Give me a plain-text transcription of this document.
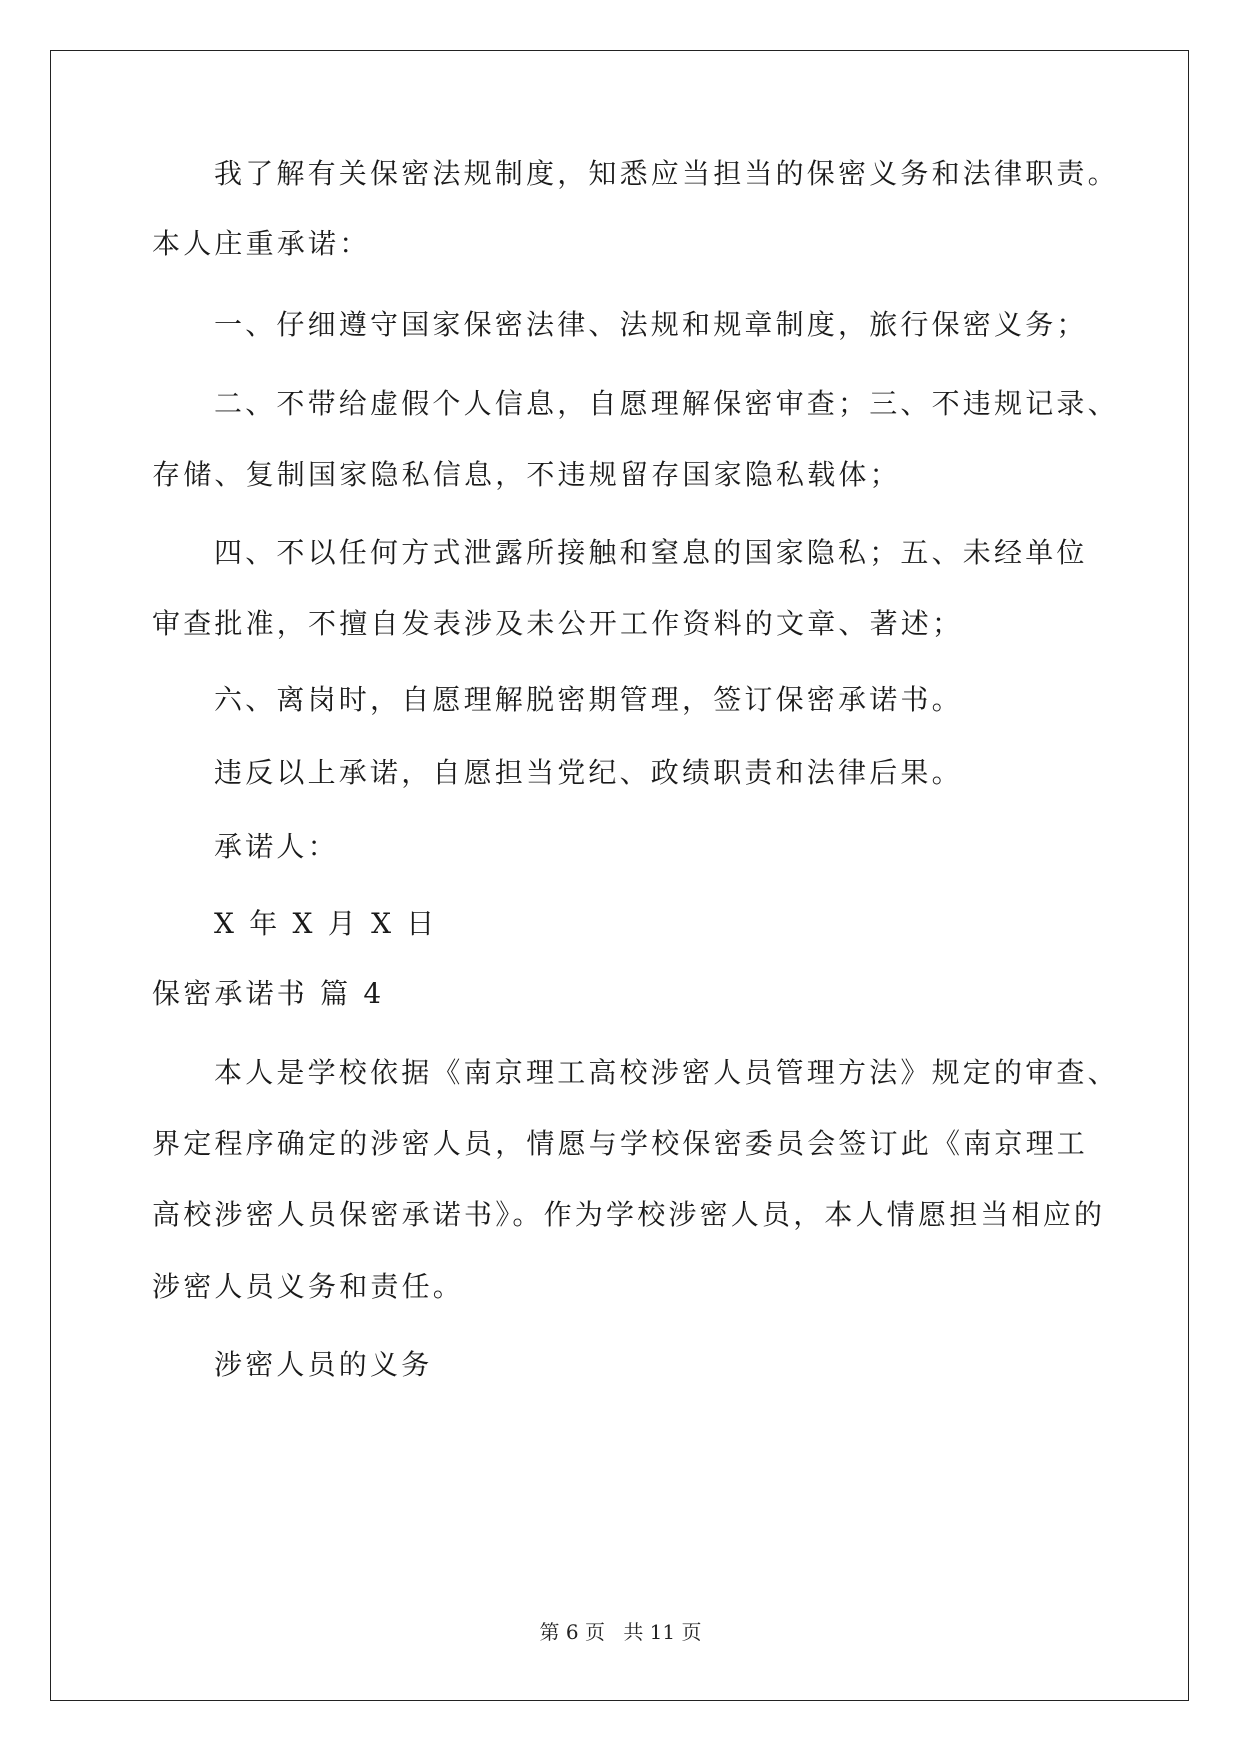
我了解有关保密法规制度，知悉应当担当的保密义务和法律职责。
本人庄重承诺：
一、仔细遵守国家保密法律、法规和规章制度，旅行保密义务；
二、不带给虚假个人信息，自愿理解保密审查；三、不违规记录、
存储、复制国家隐私信息，不违规留存国家隐私载体；
四、不以任何方式泄露所接触和窒息的国家隐私；五、未经单位
审查批准，不擅自发表涉及未公开工作资料的文章、著述；
六、离岗时，自愿理解脱密期管理，签订保密承诺书。
违反以上承诺，自愿担当党纪、政绩职责和法律后果。
承诺人：
X 年 X 月 X 日
保密承诺书 篇 4
本人是学校依据《南京理工高校涉密人员管理方法》规定的审查、
界定程序确定的涉密人员，情愿与学校保密委员会签订此《南京理工
高校涉密人员保密承诺书》。作为学校涉密人员，本人情愿担当相应的
涉密人员义务和责任。
涉密人员的义务
第 6 页 共 11 页
